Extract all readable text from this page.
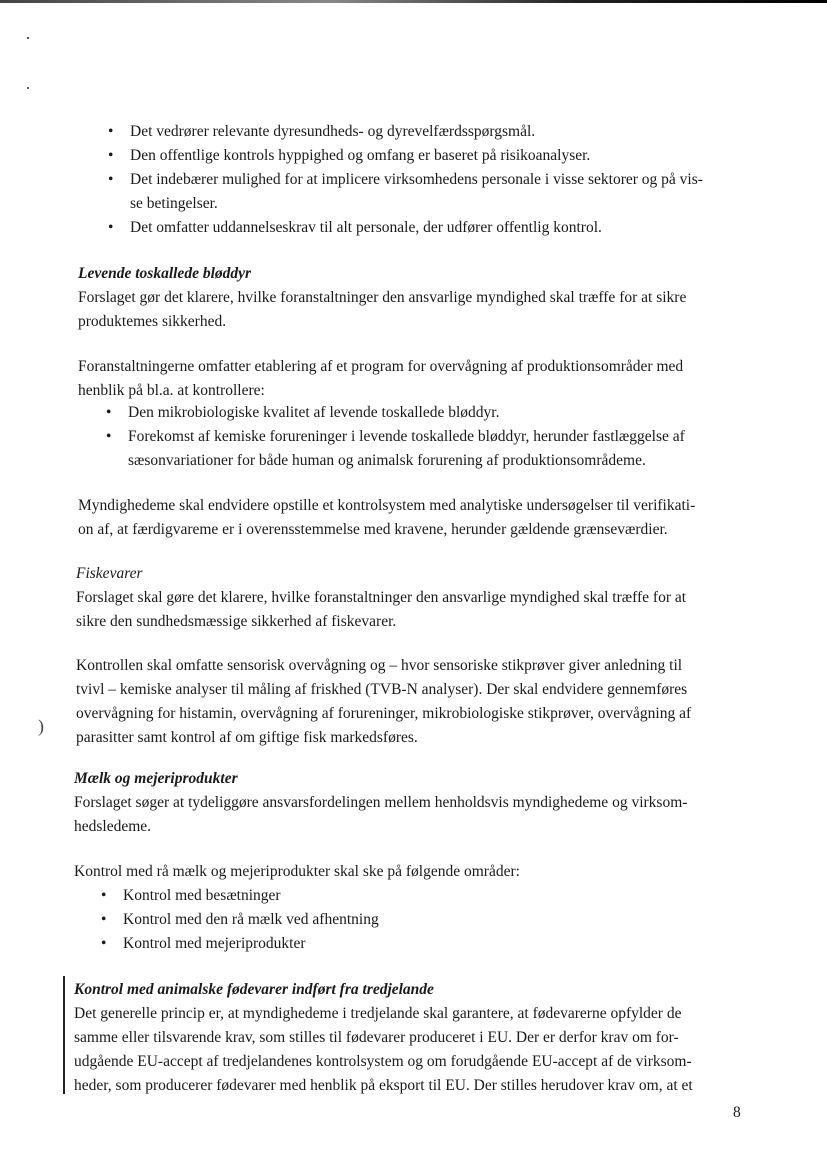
• Det vedrører relevante dyresundheds- og dyrevelfærdsspørgsmål.
• Den offentlige kontrols hyppighed og omfang er baseret på risikoanalyser.
• Det indebærer mulighed for at implicere virksomhedens personale i visse sektorer og på vis-
se betingelser.
• Det omfatter uddannelseskrav til alt personale, der udfører offentlig kontrol.
Levende toskallede bløddyr

Forslaget gør det klarere, hvilke foranstaltninger den ansvarlige myndighed skal træffe for at sikre
produktemes sikkerhed.

Foranstaltningerne omfatter etablering af et program for overvågning af produktionsområder med
henblik på bl.a. at kontrollere:

• Den mikrobiologiske kvalitet af levende toskallede bløddyr.
• Forekomst af kemiske forureninger i levende toskallede bløddyr, herunder fastlæggelse af
sæsonvariationer for både human og animalsk forurening af produktionsområdeme.

Myndighedeme skal endvidere opstille et kontrolsystem med analytiske undersøgelser til verifikati-
on af, at færdigvareme er i overensstemmelse med kravene, herunder gældende grænseværdier.

Fiskevarer

Forslaget skal gøre det klarere, hvilke foranstaltninger den ansvarlige myndighed skal træffe for at
sikre den sundhedsmæssige sikkerhed af fiskevarer.

Kontrollen skal omfatte sensorisk overvågning og – hvor sensoriske stikprøver giver anledning til
tvivl – kemiske analyser til måling af friskhed (TVB-N analyser). Der skal endvidere gennemføres
overvågning for histamin, overvågning af forureninger, mikrobiologiske stikprøver, overvågning af
parasitter samt kontrol af om giftige fisk markedsføres.

)
Mælk og mejeriprodukter

Forslaget søger at tydeliggøre ansvarsfordelingen mellem henholdsvis myndighedeme og virksom-
hedsledeme.

Kontrol med rå mælk og mejeriprodukter skal ske på følgende områder:

• Kontrol med besætninger
• Kontrol med den rå mælk ved afhentning
• Kontrol med mejeriprodukter
Kontrol med animalske fødevarer indført fra tredjelande

Det generelle princip er, at myndighedeme i tredjelande skal garantere, at fødevarerne opfylder de
samme eller tilsvarende krav, som stilles til fødevarer produceret i EU. Der er derfor krav om for-
udgående EU-accept af tredjelandenes kontrolsystem og om forudgående EU-accept af de virksom-
heder, som producerer fødevarer med henblik på eksport til EU. Der stilles herudover krav om, at et

8
